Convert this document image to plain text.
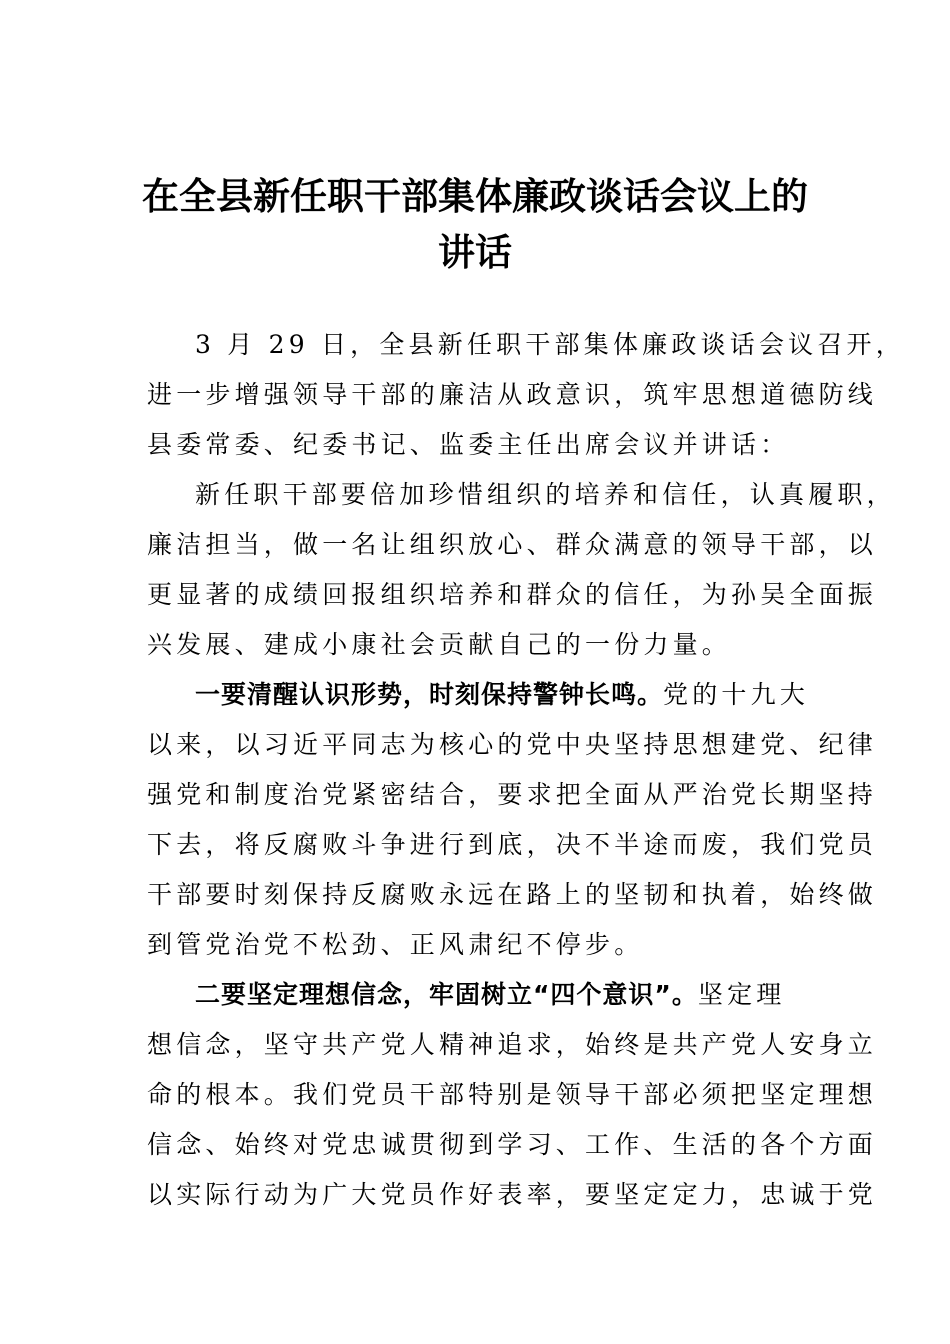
在全县新任职干部集体廉政谈话会议上的
讲话
3 月 29 日，全县新任职干部集体廉政谈话会议召开，
进一步增强领导干部的廉洁从政意识，筑牢思想道德防线
县委常委、纪委书记、监委主任出席会议并讲话：
新任职干部要倍加珍惜组织的培养和信任，认真履职，
廉洁担当，做一名让组织放心、群众满意的领导干部，以
更显著的成绩回报组织培养和群众的信任，为孙吴全面振
兴发展、建成小康社会贡献自己的一份力量。
一要清醒认识形势，时刻保持警钟长鸣。党的十九大
以来，以习近平同志为核心的党中央坚持思想建党、纪律
强党和制度治党紧密结合，要求把全面从严治党长期坚持
下去，将反腐败斗争进行到底，决不半途而废，我们党员
干部要时刻保持反腐败永远在路上的坚韧和执着，始终做
到管党治党不松劲、正风肃纪不停步。
二要坚定理想信念，牢固树立“四个意识”。坚定理
想信念，坚守共产党人精神追求，始终是共产党人安身立
命的根本。我们党员干部特别是领导干部必须把坚定理想
信念、始终对党忠诚贯彻到学习、工作、生活的各个方面
以实际行动为广大党员作好表率，要坚定定力，忠诚于党
